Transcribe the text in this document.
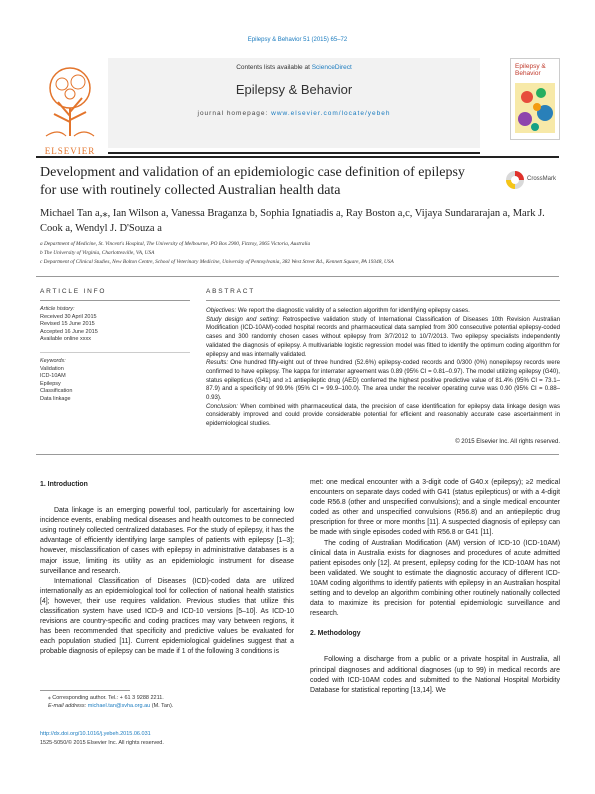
Epilepsy & Behavior 51 (2015) 65–72
ELSEVIER
Contents lists available at ScienceDirect
Epilepsy & Behavior
journal homepage: www.elsevier.com/locate/yebeh
Epilepsy & Behavior
Development and validation of an epidemiologic case definition of epilepsy for use with routinely collected Australian health data
CrossMark
Michael Tan a,⁎, Ian Wilson a, Vanessa Braganza b, Sophia Ignatiadis a, Ray Boston a,c, Vijaya Sundararajan a, Mark J. Cook a, Wendyl J. D'Souza a
a Department of Medicine, St. Vincent's Hospital, The University of Melbourne, PO Box 2900, Fitzroy, 3065 Victoria, Australia
b The University of Virginia, Charlottesville, VA, USA
c Department of Clinical Studies, New Bolton Centre, School of Veterinary Medicine, University of Pennsylvania, 382 West Street Rd., Kennett Square, PA 19348, USA
ARTICLE INFO
Article history:
Received 30 April 2015
Revised 15 June 2015
Accepted 16 June 2015
Available online xxxx
Keywords:
Validation
ICD-10AM
Epilepsy
Classification
Data linkage
ABSTRACT
Objectives: We report the diagnostic validity of a selection algorithm for identifying epilepsy cases.
Study design and setting: Retrospective validation study of International Classification of Diseases 10th Revision Australian Modification (ICD-10AM)-coded hospital records and pharmaceutical data sampled from 300 consecutive potential epilepsy-coded cases and 300 randomly chosen cases without epilepsy from 3/7/2012 to 10/7/2013. Two epilepsy specialists independently validated the diagnosis of epilepsy. A multivariable logistic regression model was fitted to identify the optimum coding algorithm for epilepsy and was internally validated.
Results: One hundred fifty-eight out of three hundred (52.6%) epilepsy-coded records and 0/300 (0%) nonepilepsy records were confirmed to have epilepsy. The kappa for interrater agreement was 0.89 (95% CI = 0.81–0.97). The model utilizing epilepsy (G40), status epilepticus (G41) and ≥1 antiepileptic drug (AED) conferred the highest positive predictive value of 81.4% (95% CI = 73.1–87.9) and a specificity of 99.9% (95% CI = 99.9–100.0). The area under the receiver operating curve was 0.90 (95% CI = 0.88–0.93).
Conclusion: When combined with pharmaceutical data, the precision of case identification for epilepsy data linkage design was considerably improved and could provide considerable potential for efficient and reasonably accurate case ascertainment in epidemiological studies.
© 2015 Elsevier Inc. All rights reserved.

1. Introduction

Data linkage is an emerging powerful tool, particularly for ascertaining low incidence events, enabling medical diseases and health outcomes to be connected using routinely collected centralized databases. For the study of epilepsy, it has the advantage of efficiently identifying large samples of patients with epilepsy [1–3]; however, misclassification of cases with epilepsy in administrative databases is a major issue, limiting its utility as an epidemiologic instrument for disease surveillance and research.

International Classification of Diseases (ICD)-coded data are utilized internationally as an epidemiological tool for collection of national health statistics [4]; however, their use requires validation. Previous studies that utilize this classification system have used ICD-9 and ICD-10 versions [5–10]. As ICD-10 revisions are country-specific and coding practices may vary between regions, it has been recommended that specificity and predictive values be evaluated for each population studied [11]. Current epidemiological guidelines suggest that a probable diagnosis of epilepsy can be made if 1 of the following 3 conditions is

met: one medical encounter with a 3-digit code of G40.x (epilepsy); ≥2 medical encounters on separate days coded with G41 (status epilepticus) or with a 4-digit code R56.8 (other and unspecified convulsions); and a single medical encounter coded as other and unspecified convulsions (R56.8) and an antiepileptic drug prescription for three or more months [11]. A suspected diagnosis of epilepsy can be made with single episodes coded with R56.8 or G41 [11].

The coding of Australian Modification (AM) version of ICD-10 (ICD-10AM) clinical data in Australia exists for diagnoses and procedures of acute admitted patient episodes only [12]. At present, epilepsy coding for the ICD-10AM has not been validated. We sought to estimate the diagnostic accuracy of different ICD-10AM coding algorithms to identify patients with epilepsy in an Australian hospital setting and to develop an algorithm combining other routinely nationally collected data to maximize its precision for potential epidemiologic surveillance and research.

2. Methodology

Following a discharge from a public or a private hospital in Australia, all principal diagnoses and additional diagnoses (up to 99) in medical records are coded with ICD-10AM codes and submitted to the National Hospital Morbidity Database for statistical reporting [13,14]. We

⁎ Corresponding author. Tel.: + 61 3 9288 2211.
E-mail address: michael.tan@svha.org.au (M. Tan).
http://dx.doi.org/10.1016/j.yebeh.2015.06.031
1525-5050/© 2015 Elsevier Inc. All rights reserved.
